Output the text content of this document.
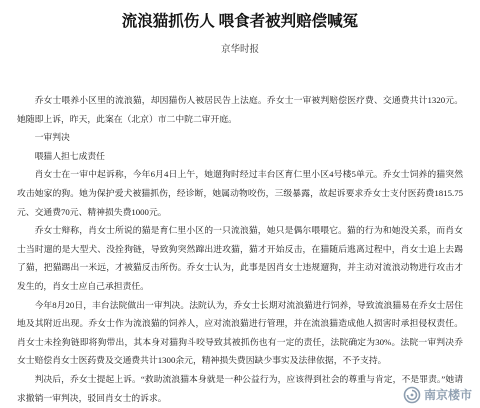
流浪猫抓伤人 喂食者被判赔偿喊冤
京华时报

乔女士喂养小区里的流浪猫，却因猫伤人被居民告上法庭。乔女士一审被判赔偿医疗费、交通费共计1320元。她随即上诉，昨天，此案在（北京）市二中院二审开庭。

一审判决

喂猫人担七成责任

肖女士在一审中起诉称，今年6月4日上午，她遛狗时经过丰台区育仁里小区4号楼5单元。乔女士饲养的猫突然攻击她家的狗。她为保护爱犬被猫抓伤，经诊断，她属动物咬伤，三级暴露，故起诉要求乔女士支付医药费1815.75元、交通费70元、精神损失费1000元。

乔女士辩称，肖女士所说的猫是育仁里小区的一只流浪猫，她只是偶尔喂喂它。猫的行为和她没关系，而肖女士当时遛的是大型犬、没拴狗链，导致狗突然蹿出进攻猫，猫才开始反击，在猫随后逃离过程中，肖女士追上去踢了猫，把猫踢出一米远，才被猫反击所伤。乔女士认为，此事是因肖女士违规遛狗，并主动对流浪动物进行攻击才发生的，肖女士应自己承担责任。

今年8月20日，丰台法院做出一审判决。法院认为，乔女士长期对流浪猫进行饲养，导致流浪猫易在乔女士居住地及其附近出现。乔女士作为流浪猫的饲养人，应对流浪猫进行管理，并在流浪猫造成他人损害时承担侵权责任。肖女士未拴狗链即将狗带出，其本身对猫狗斗咬导致其被抓伤也有一定的责任，法院确定为30%。法院一审判决乔女士赔偿肖女士医药费及交通费共计1300余元，精神损失费因缺少事实及法律依据，不予支持。

判决后，乔女士提起上诉。“救助流浪猫本身就是一种公益行为，应该得到社会的尊重与肯定，不是罪责。”她请求撤销一审判决，驳回肖女士的诉求。	南京楼市
